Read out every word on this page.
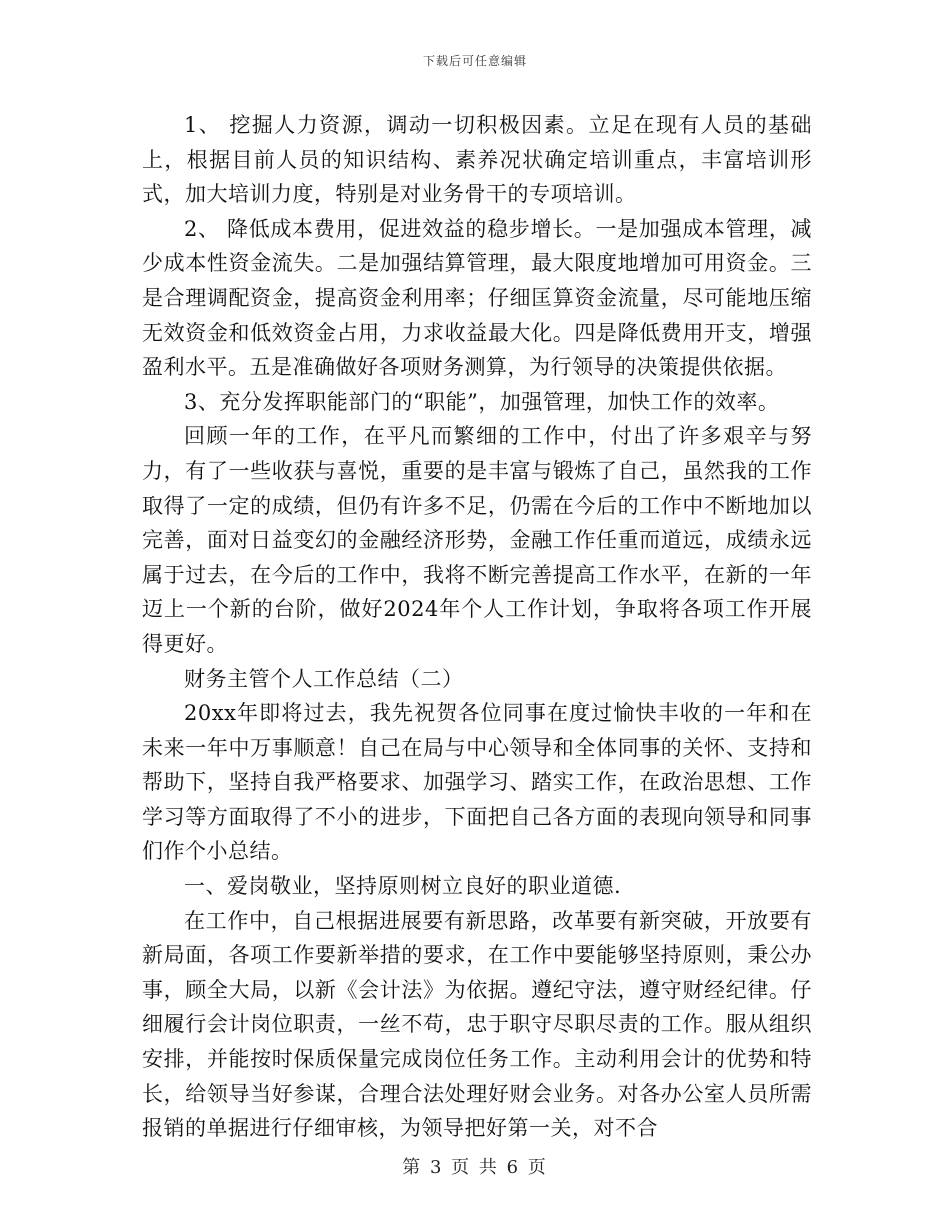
下载后可任意编辑

1、 挖掘人力资源，调动一切积极因素。立足在现有人员的基础上，根据目前人员的知识结构、素养况状确定培训重点，丰富培训形式，加大培训力度，特别是对业务骨干的专项培训。

2、 降低成本费用，促进效益的稳步增长。一是加强成本管理，减少成本性资金流失。二是加强结算管理，最大限度地增加可用资金。三是合理调配资金，提高资金利用率；仔细匡算资金流量，尽可能地压缩无效资金和低效资金占用，力求收益最大化。四是降低费用开支，增强盈利水平。五是准确做好各项财务测算，为行领导的决策提供依据。

3、充分发挥职能部门的“职能”，加强管理，加快工作的效率。

回顾一年的工作，在平凡而繁细的工作中，付出了许多艰辛与努力，有了一些收获与喜悦，重要的是丰富与锻炼了自己，虽然我的工作取得了一定的成绩，但仍有许多不足，仍需在今后的工作中不断地加以完善，面对日益变幻的金融经济形势，金融工作任重而道远，成绩永远属于过去，在今后的工作中，我将不断完善提高工作水平，在新的一年迈上一个新的台阶，做好2024年个人工作计划，争取将各项工作开展得更好。

财务主管个人工作总结（二）

20xx年即将过去，我先祝贺各位同事在度过愉快丰收的一年和在未来一年中万事顺意！自己在局与中心领导和全体同事的关怀、支持和帮助下，坚持自我严格要求、加强学习、踏实工作，在政治思想、工作学习等方面取得了不小的进步，下面把自己各方面的表现向领导和同事们作个小总结。

一、爱岗敬业，坚持原则树立良好的职业道德.

在工作中，自己根据进展要有新思路，改革要有新突破，开放要有新局面，各项工作要新举措的要求，在工作中要能够坚持原则，秉公办事，顾全大局，以新《会计法》为依据。遵纪守法，遵守财经纪律。仔细履行会计岗位职责，一丝不苟，忠于职守尽职尽责的工作。服从组织安排，并能按时保质保量完成岗位任务工作。主动利用会计的优势和特长，给领导当好参谋，合理合法处理好财会业务。对各办公室人员所需报销的单据进行仔细审核，为领导把好第一关，对不合

第 3 页 共 6 页
